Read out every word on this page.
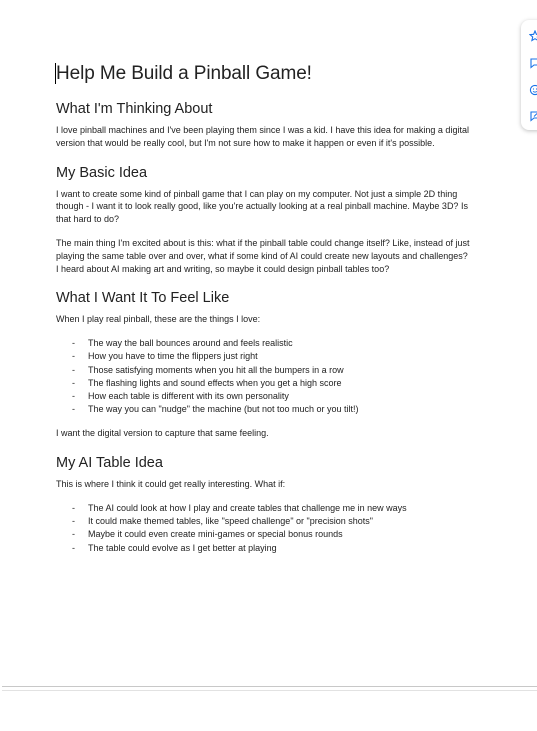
Help Me Build a Pinball Game!
What I'm Thinking About

I love pinball machines and I've been playing them since I was a kid. I have this idea for making a digital version that would be really cool, but I'm not sure how to make it happen or even if it's possible.

My Basic Idea

I want to create some kind of pinball game that I can play on my computer. Not just a simple 2D thing though - I want it to look really good, like you're actually looking at a real pinball machine. Maybe 3D? Is that hard to do?

The main thing I'm excited about is this: what if the pinball table could change itself? Like, instead of just playing the same table over and over, what if some kind of AI could create new layouts and challenges? I heard about AI making art and writing, so maybe it could design pinball tables too?

What I Want It To Feel Like

When I play real pinball, these are the things I love:

- The way the ball bounces around and feels realistic
- How you have to time the flippers just right
- Those satisfying moments when you hit all the bumpers in a row
- The flashing lights and sound effects when you get a high score
- How each table is different with its own personality
- The way you can "nudge" the machine (but not too much or you tilt!)

I want the digital version to capture that same feeling.

My AI Table Idea

This is where I think it could get really interesting. What if:

- The AI could look at how I play and create tables that challenge me in new ways
- It could make themed tables, like "speed challenge" or "precision shots"
- Maybe it could even create mini-games or special bonus rounds
- The table could evolve as I get better at playing
